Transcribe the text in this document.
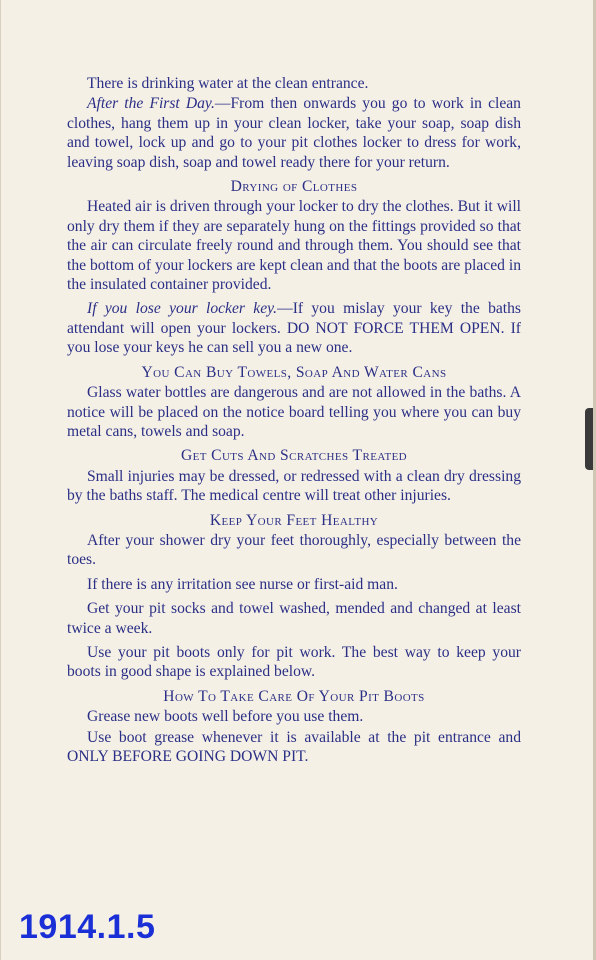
There is drinking water at the clean entrance.

After the First Day.—From then onwards you go to work in clean clothes, hang them up in your clean locker, take your soap, soap dish and towel, lock up and go to your pit clothes locker to dress for work, leaving soap dish, soap and towel ready there for your return.

Drying of Clothes

Heated air is driven through your locker to dry the clothes. But it will only dry them if they are separately hung on the fittings provided so that the air can circulate freely round and through them. You should see that the bottom of your lockers are kept clean and that the boots are placed in the insulated container provided.

If you lose your locker key.—If you mislay your key the baths attendant will open your lockers. DO NOT FORCE THEM OPEN. If you lose your keys he can sell you a new one.

You Can Buy Towels, Soap And Water Cans

Glass water bottles are dangerous and are not allowed in the baths. A notice will be placed on the notice board telling you where you can buy metal cans, towels and soap.

Get Cuts And Scratches Treated

Small injuries may be dressed, or redressed with a clean dry dressing by the baths staff. The medical centre will treat other injuries.

Keep Your Feet Healthy

After your shower dry your feet thoroughly, especially between the toes.

If there is any irritation see nurse or first-aid man.

Get your pit socks and towel washed, mended and changed at least twice a week.

Use your pit boots only for pit work. The best way to keep your boots in good shape is explained below.

How To Take Care Of Your Pit Boots

Grease new boots well before you use them.

Use boot grease whenever it is available at the pit entrance and ONLY BEFORE GOING DOWN PIT.

1914.1.5
